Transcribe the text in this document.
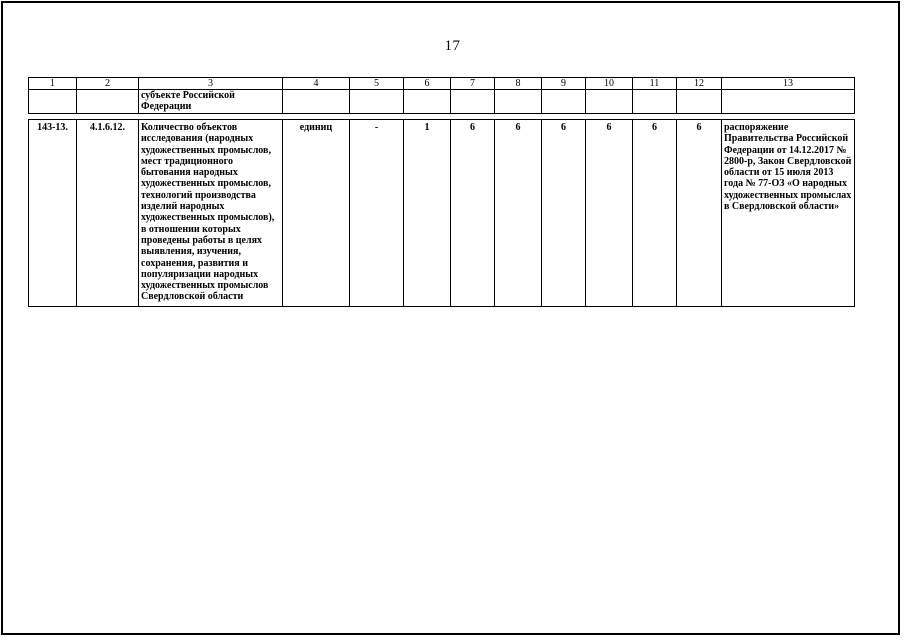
17
1	2	3	4	5	6	7	8	9	10	11	12	13
		субъекте Российской Федерации										

143-13.	4.1.6.12.	Количество объектов исследования (народных художественных промыслов, мест традиционного бытования народных художественных промыслов, технологий производства изделий народных художественных промыслов), в отношении которых проведены работы в целях выявления, изучения, сохранения, развития и популяризации народных художественных промыслов Свердловской области	единиц	-	1	6	6	6	6	6	6	распоряжение Правительства Российской Федерации от 14.12.2017 № 2800-р, Закон Свердловской области от 15 июля 2013 года № 77-ОЗ «О народных художественных промыслах в Свердловской области»
